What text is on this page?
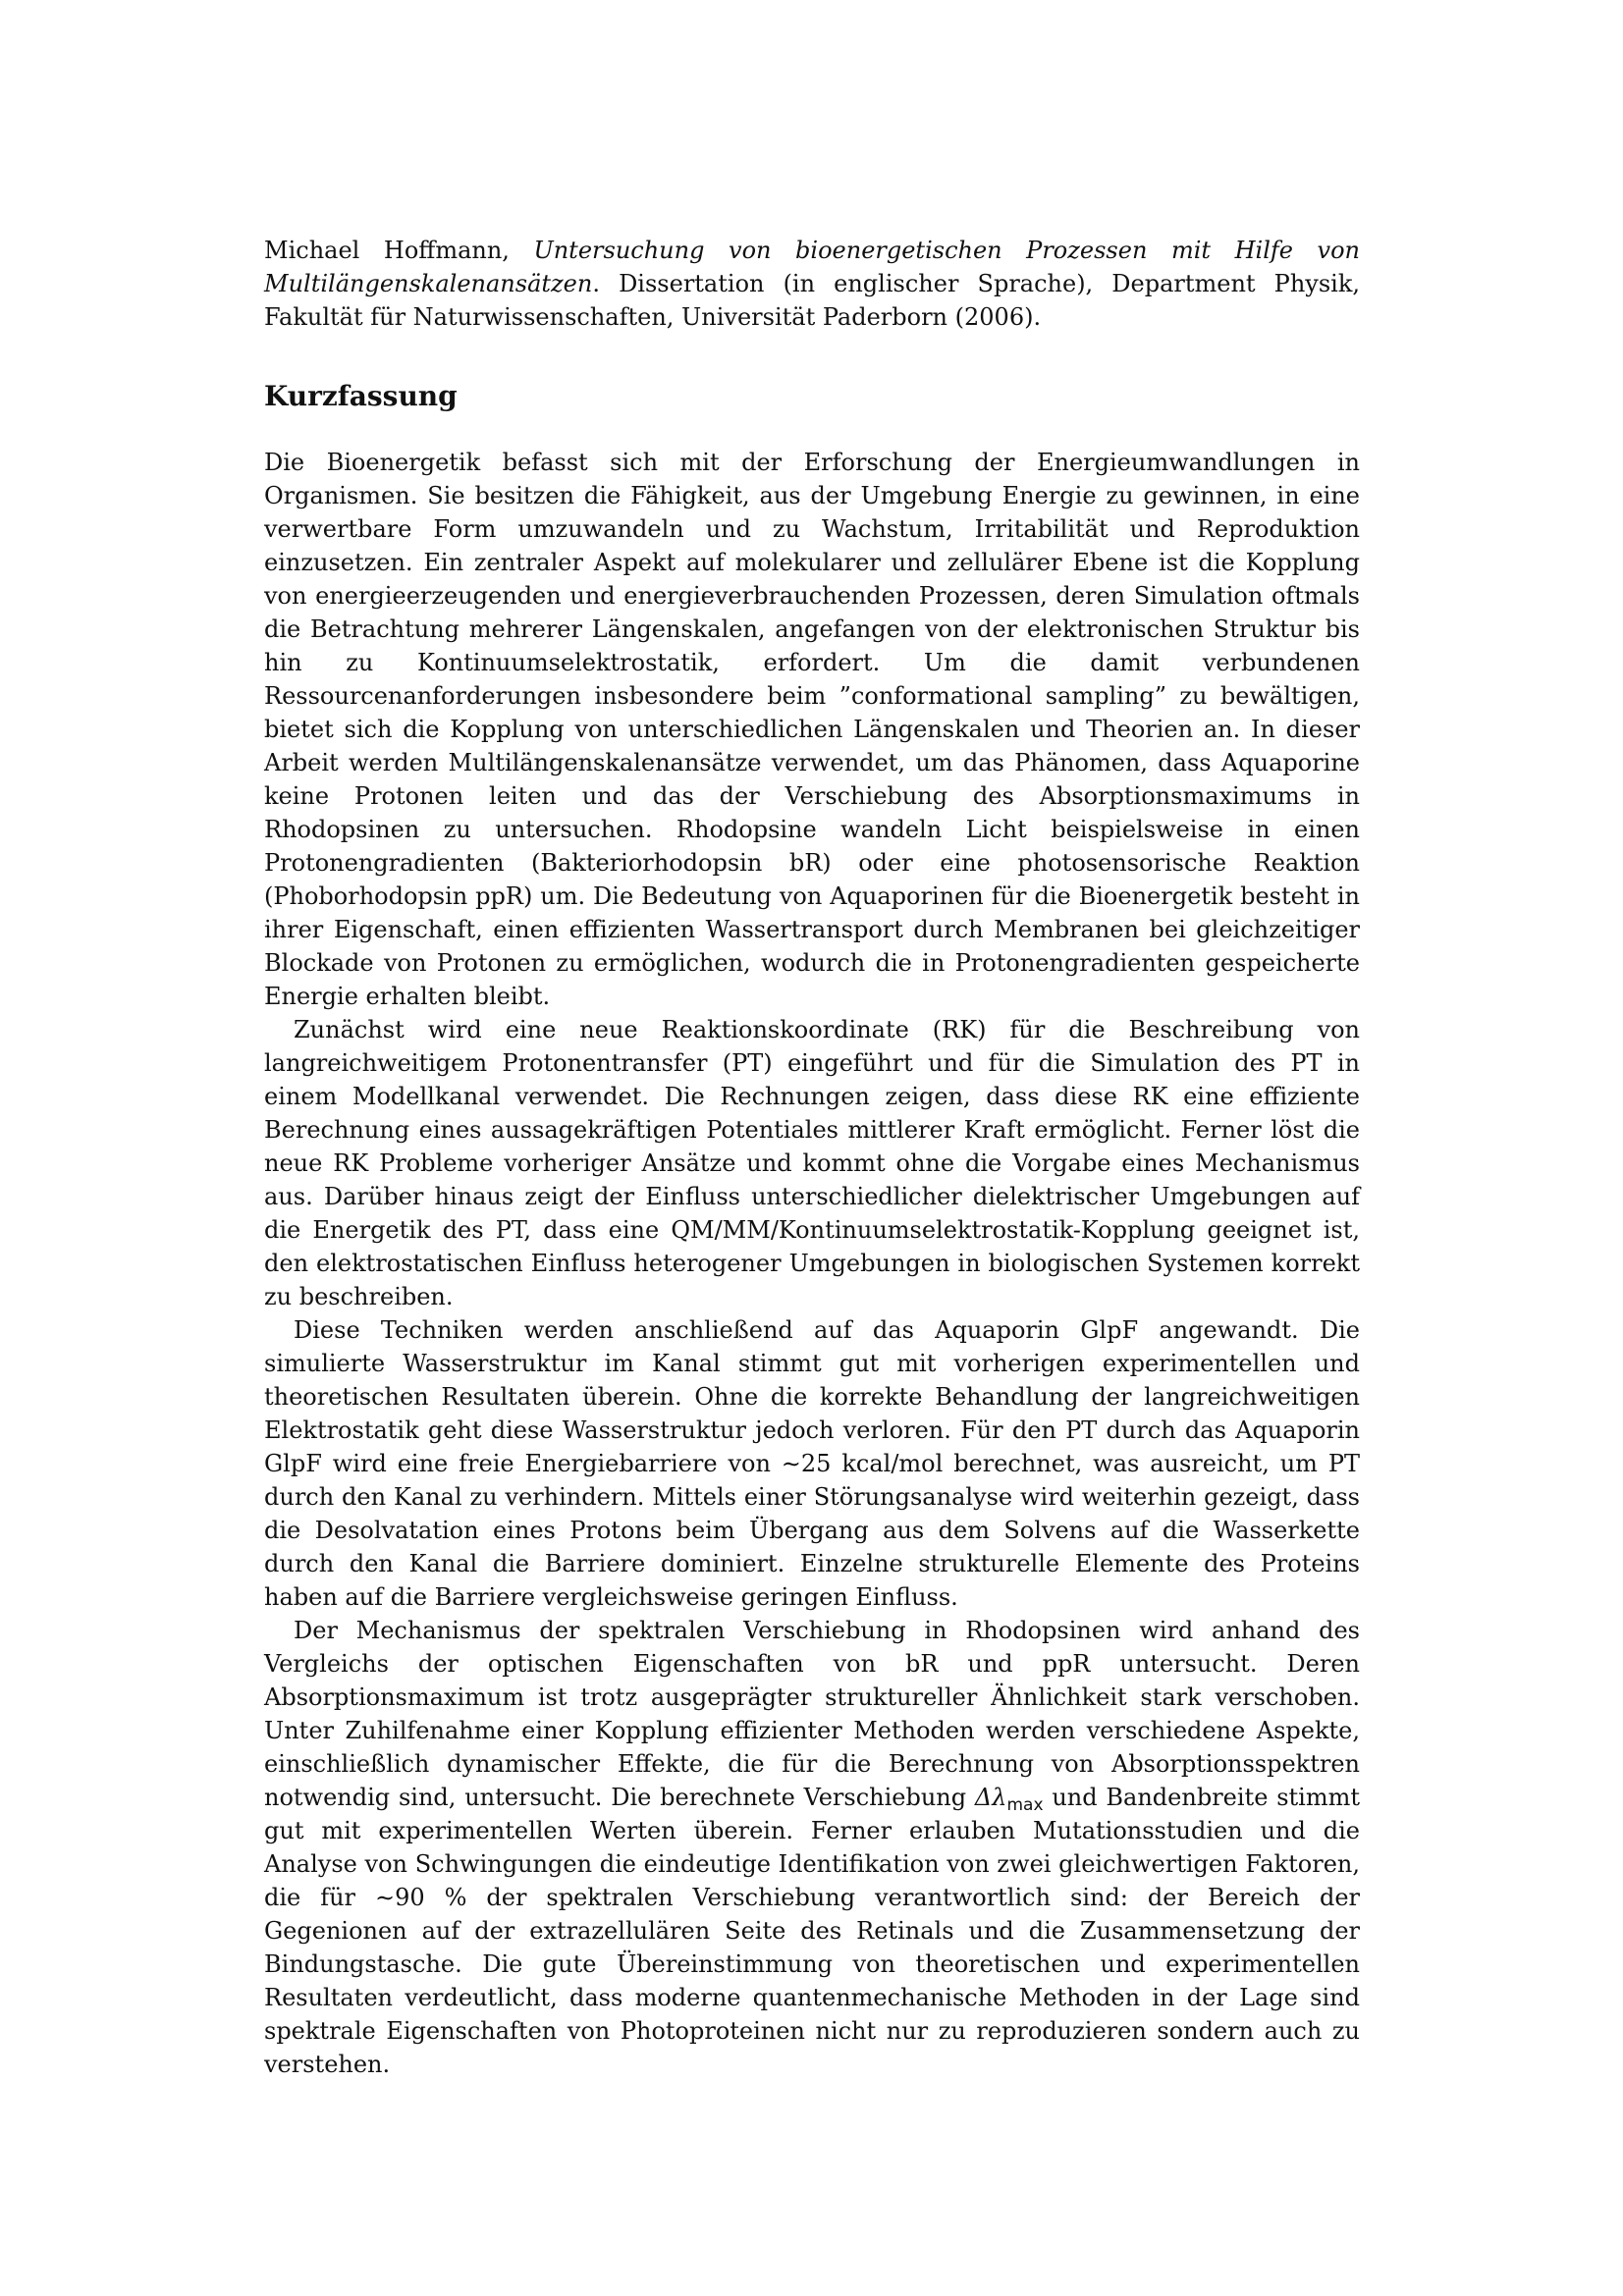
Michael Hoffmann, Untersuchung von bioenergetischen Prozessen mit Hilfe von Multilängenskalenansätzen. Dissertation (in englischer Sprache), Department Physik, Fakultät für Naturwissenschaften, Universität Paderborn (2006).

Kurzfassung

Die Bioenergetik befasst sich mit der Erforschung der Energieumwandlungen in Organismen. Sie besitzen die Fähigkeit, aus der Umgebung Energie zu gewinnen, in eine verwertbare Form umzuwandeln und zu Wachstum, Irritabilität und Reproduktion einzusetzen. Ein zentraler Aspekt auf molekularer und zellulärer Ebene ist die Kopplung von energieerzeugenden und energieverbrauchenden Prozessen, deren Simulation oftmals die Betrachtung mehrerer Längenskalen, angefangen von der elektronischen Struktur bis hin zu Kontinuumselektrostatik, erfordert. Um die damit verbundenen Ressourcenanforderungen insbesondere beim ”conformational sampling” zu bewältigen, bietet sich die Kopplung von unterschiedlichen Längenskalen und Theorien an. In dieser Arbeit werden Multilängenskalenansätze verwendet, um das Phänomen, dass Aquaporine keine Protonen leiten und das der Verschiebung des Absorptionsmaximums in Rhodopsinen zu untersuchen. Rhodopsine wandeln Licht beispielsweise in einen Protonengradienten (Bakteriorhodopsin bR) oder eine photosensorische Reaktion (Phoborhodopsin ppR) um. Die Bedeutung von Aquaporinen für die Bioenergetik besteht in ihrer Eigenschaft, einen effizienten Wassertransport durch Membranen bei gleichzeitiger Blockade von Protonen zu ermöglichen, wodurch die in Protonengradienten gespeicherte Energie erhalten bleibt.

Zunächst wird eine neue Reaktionskoordinate (RK) für die Beschreibung von langreichweitigem Protonentransfer (PT) eingeführt und für die Simulation des PT in einem Modellkanal verwendet. Die Rechnungen zeigen, dass diese RK eine effiziente Berechnung eines aussagekräftigen Potentiales mittlerer Kraft ermöglicht. Ferner löst die neue RK Probleme vorheriger Ansätze und kommt ohne die Vorgabe eines Mechanismus aus. Darüber hinaus zeigt der Einfluss unterschiedlicher dielektrischer Umgebungen auf die Energetik des PT, dass eine QM/MM/Kontinuumselektrostatik-Kopplung geeignet ist, den elektrostatischen Einfluss heterogener Umgebungen in biologischen Systemen korrekt zu beschreiben.

Diese Techniken werden anschließend auf das Aquaporin GlpF angewandt. Die simulierte Wasserstruktur im Kanal stimmt gut mit vorherigen experimentellen und theoretischen Resultaten überein. Ohne die korrekte Behandlung der langreichweitigen Elektrostatik geht diese Wasserstruktur jedoch verloren. Für den PT durch das Aquaporin GlpF wird eine freie Energiebarriere von ∼25 kcal/mol berechnet, was ausreicht, um PT durch den Kanal zu verhindern. Mittels einer Störungsanalyse wird weiterhin gezeigt, dass die Desolvatation eines Protons beim Übergang aus dem Solvens auf die Wasserkette durch den Kanal die Barriere dominiert. Einzelne strukturelle Elemente des Proteins haben auf die Barriere vergleichsweise geringen Einfluss.

Der Mechanismus der spektralen Verschiebung in Rhodopsinen wird anhand des Vergleichs der optischen Eigenschaften von bR und ppR untersucht. Deren Absorptionsmaximum ist trotz ausgeprägter struktureller Ähnlichkeit stark verschoben. Unter Zuhilfenahme einer Kopplung effizienter Methoden werden verschiedene Aspekte, einschließlich dynamischer Effekte, die für die Berechnung von Absorptionsspektren notwendig sind, untersucht. Die berechnete Verschiebung $\Delta\lambda_{max}$ und Bandenbreite stimmt gut mit experimentellen Werten überein. Ferner erlauben Mutationsstudien und die Analyse von Schwingungen die eindeutige Identifikation von zwei gleichwertigen Faktoren, die für ∼90 % der spektralen Verschiebung verantwortlich sind: der Bereich der Gegenionen auf der extrazellulären Seite des Retinals und die Zusammensetzung der Bindungstasche. Die gute Übereinstimmung von theoretischen und experimentellen Resultaten verdeutlicht, dass moderne quantenmechanische Methoden in der Lage sind spektrale Eigenschaften von Photoproteinen nicht nur zu reproduzieren sondern auch zu verstehen.
